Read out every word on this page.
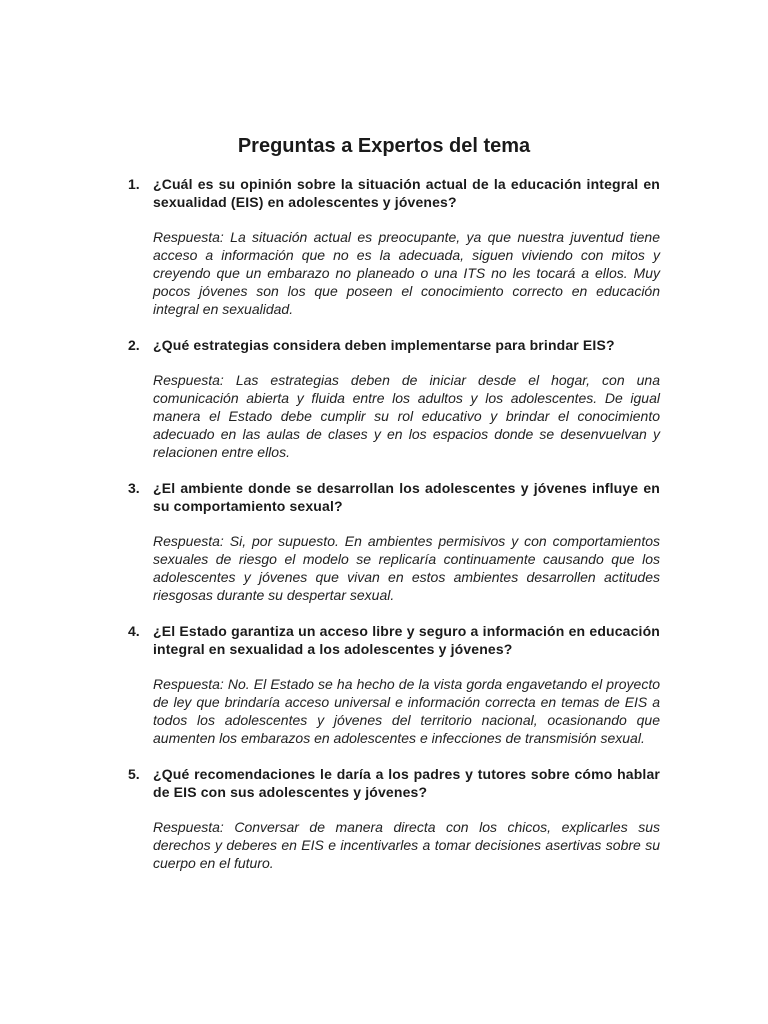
Preguntas a Expertos del tema
1. ¿Cuál es su opinión sobre la situación actual de la educación integral en sexualidad (EIS) en adolescentes y jóvenes?

Respuesta: La situación actual es preocupante, ya que nuestra juventud tiene acceso a información que no es la adecuada, siguen viviendo con mitos y creyendo que un embarazo no planeado o una ITS no les tocará a ellos. Muy pocos jóvenes son los que poseen el conocimiento correcto en educación integral en sexualidad.

2. ¿Qué estrategias considera deben implementarse para brindar EIS?

Respuesta: Las estrategias deben de iniciar desde el hogar, con una comunicación abierta y fluida entre los adultos y los adolescentes. De igual manera el Estado debe cumplir su rol educativo y brindar el conocimiento adecuado en las aulas de clases y en los espacios donde se desenvuelvan y relacionen entre ellos.

3. ¿El ambiente donde se desarrollan los adolescentes y jóvenes influye en su comportamiento sexual?

Respuesta: Si, por supuesto. En ambientes permisivos y con comportamientos sexuales de riesgo el modelo se replicaría continuamente causando que los adolescentes y jóvenes que vivan en estos ambientes desarrollen actitudes riesgosas durante su despertar sexual.

4. ¿El Estado garantiza un acceso libre y seguro a información en educación integral en sexualidad a los adolescentes y jóvenes?

Respuesta: No. El Estado se ha hecho de la vista gorda engavetando el proyecto de ley que brindaría acceso universal e información correcta en temas de EIS a todos los adolescentes y jóvenes del territorio nacional, ocasionando que aumenten los embarazos en adolescentes e infecciones de transmisión sexual.

5. ¿Qué recomendaciones le daría a los padres y tutores sobre cómo hablar de EIS con sus adolescentes y jóvenes?

Respuesta: Conversar de manera directa con los chicos, explicarles sus derechos y deberes en EIS e incentivarles a tomar decisiones asertivas sobre su cuerpo en el futuro.
